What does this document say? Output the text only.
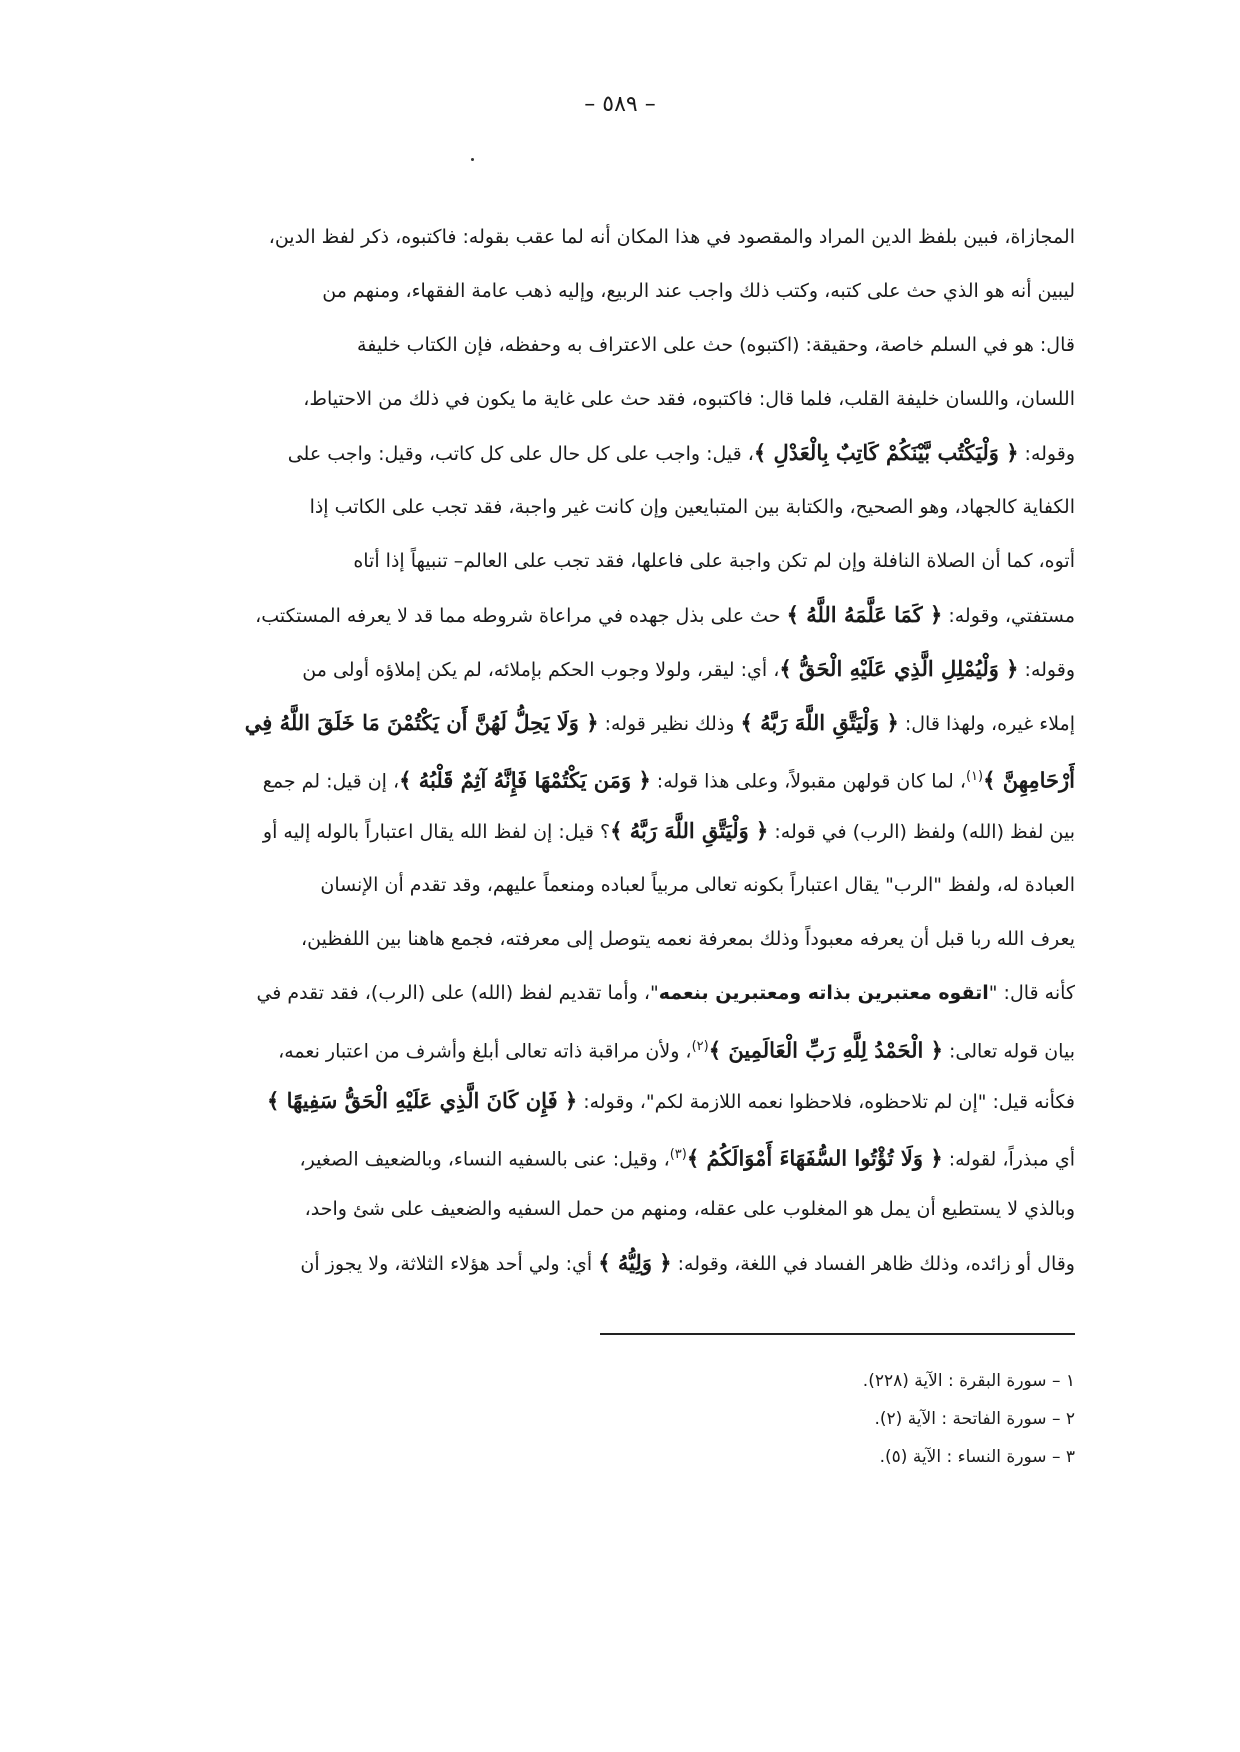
– ٥٨٩ –
المجازاة، فبين بلفظ الدين المراد والمقصود في هذا المكان أنه لما عقب بقوله: فاكتبوه، ذكر لفظ الدين،
ليبين أنه هو الذي حث على كتبه، وكتب ذلك واجب عند الربيع، وإليه ذهب عامة الفقهاء، ومنهم من
قال: هو في السلم خاصة، وحقيقة: (اكتبوه) حث على الاعتراف به وحفظه، فإن الكتاب خليفة
اللسان، واللسان خليفة القلب، فلما قال: فاكتبوه، فقد حث على غاية ما يكون في ذلك من الاحتياط،
وقوله: ﴿ وَلْيَكْتُب بَّيْنَكُمْ كَاتِبٌ بِالْعَدْلِ ﴾، قيل: واجب على كل حال على كل كاتب، وقيل: واجب على
الكفاية كالجهاد، وهو الصحيح، والكتابة بين المتبايعين وإن كانت غير واجبة، فقد تجب على الكاتب إذا
أتوه، كما أن الصلاة النافلة وإن لم تكن واجبة على فاعلها، فقد تجب على العالم– تنبيهاً إذا أتاه
مستفتي، وقوله: ﴿ كَمَا عَلَّمَهُ اللَّهُ ﴾ حث على بذل جهده في مراعاة شروطه مما قد لا يعرفه المستكتب،
وقوله: ﴿ وَلْيُمْلِلِ الَّذِي عَلَيْهِ الْحَقُّ ﴾، أي: ليقر، ولولا وجوب الحكم بإملائه، لم يكن إملاؤه أولى من
إملاء غيره، ولهذا قال: ﴿ وَلْيَتَّقِ اللَّهَ رَبَّهُ ﴾ وذلك نظير قوله: ﴿ وَلَا يَحِلُّ لَهُنَّ أَن يَكْتُمْنَ مَا خَلَقَ اللَّهُ فِي
أَرْحَامِهِنَّ ﴾$^{(١)}$، لما كان قولهن مقبولاً، وعلى هذا قوله: ﴿ وَمَن يَكْتُمْهَا فَإِنَّهُ آثِمٌ قَلْبُهُ ﴾، إن قيل: لم جمع
بين لفظ (الله) ولفظ (الرب) في قوله: ﴿ وَلْيَتَّقِ اللَّهَ رَبَّهُ ﴾؟ قيل: إن لفظ الله يقال اعتباراً بالوله إليه أو
العبادة له، ولفظ "الرب" يقال اعتباراً بكونه تعالى مربياً لعباده ومنعماً عليهم، وقد تقدم أن الإنسان
يعرف الله ربا قبل أن يعرفه معبوداً وذلك بمعرفة نعمه يتوصل إلى معرفته، فجمع هاهنا بين اللفظين،
كأنه قال: "اتقوه معتبرين بذاته ومعتبرين بنعمه"، وأما تقديم لفظ (الله) على (الرب)، فقد تقدم في
بيان قوله تعالى: ﴿ الْحَمْدُ لِلَّهِ رَبِّ الْعَالَمِينَ ﴾$^{(٢)}$، ولأن مراقبة ذاته تعالى أبلغ وأشرف من اعتبار نعمه،
فكأنه قيل: "إن لم تلاحظوه، فلاحظوا نعمه اللازمة لكم"، وقوله: ﴿ فَإِن كَانَ الَّذِي عَلَيْهِ الْحَقُّ سَفِيهًا ﴾
أي مبذراً، لقوله: ﴿ وَلَا تُؤْتُوا السُّفَهَاءَ أَمْوَالَكُمُ ﴾$^{(٣)}$، وقيل: عنى بالسفيه النساء، وبالضعيف الصغير،
وبالذي لا يستطيع أن يمل هو المغلوب على عقله، ومنهم من حمل السفيه والضعيف على شئ واحد،
وقال أو زائده، وذلك ظاهر الفساد في اللغة، وقوله: ﴿ وَلِيُّهُ ﴾ أي: ولي أحد هؤلاء الثلاثة، ولا يجوز أن
١ – سورة البقرة : الآية (٢٢٨).
٢ – سورة الفاتحة : الآية (٢).
٣ – سورة النساء : الآية (٥).
